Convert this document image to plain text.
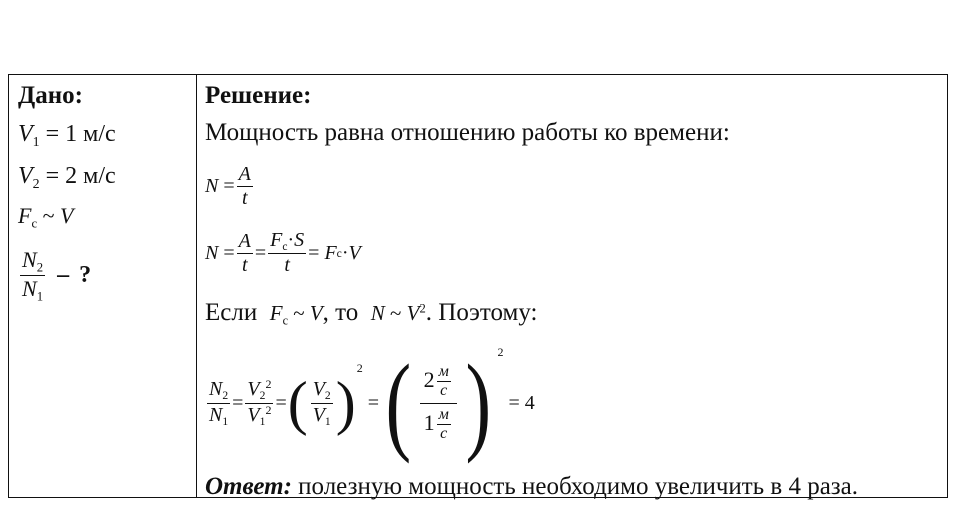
Дано:
$V_1 = 1$ м/с
$V_2 = 2$ м/с
$F_c$ ~ V
$\frac{N_2}{N_1}$ – ?
Решение:
Мощность равна отношению работы ко времени:
$N = \frac{A}{t}$
$N = \frac{A}{t} = \frac{F_c\cdot S}{t} = F$ c · V
Если $F_c$ ~ V, то N ~ $V^2$. Поэтому:
$\frac{N_2}{N_1} = \frac{V_2^2}{V_1^2}$ = ( $\frac{V_2}{V_1}$ )
2
= ( $\frac{2 \frac{м}{с}}{1 \frac{м}{с}}$ ) 2
= 4
Ответ: полезную мощность необходимо увеличить в 4 раза.
